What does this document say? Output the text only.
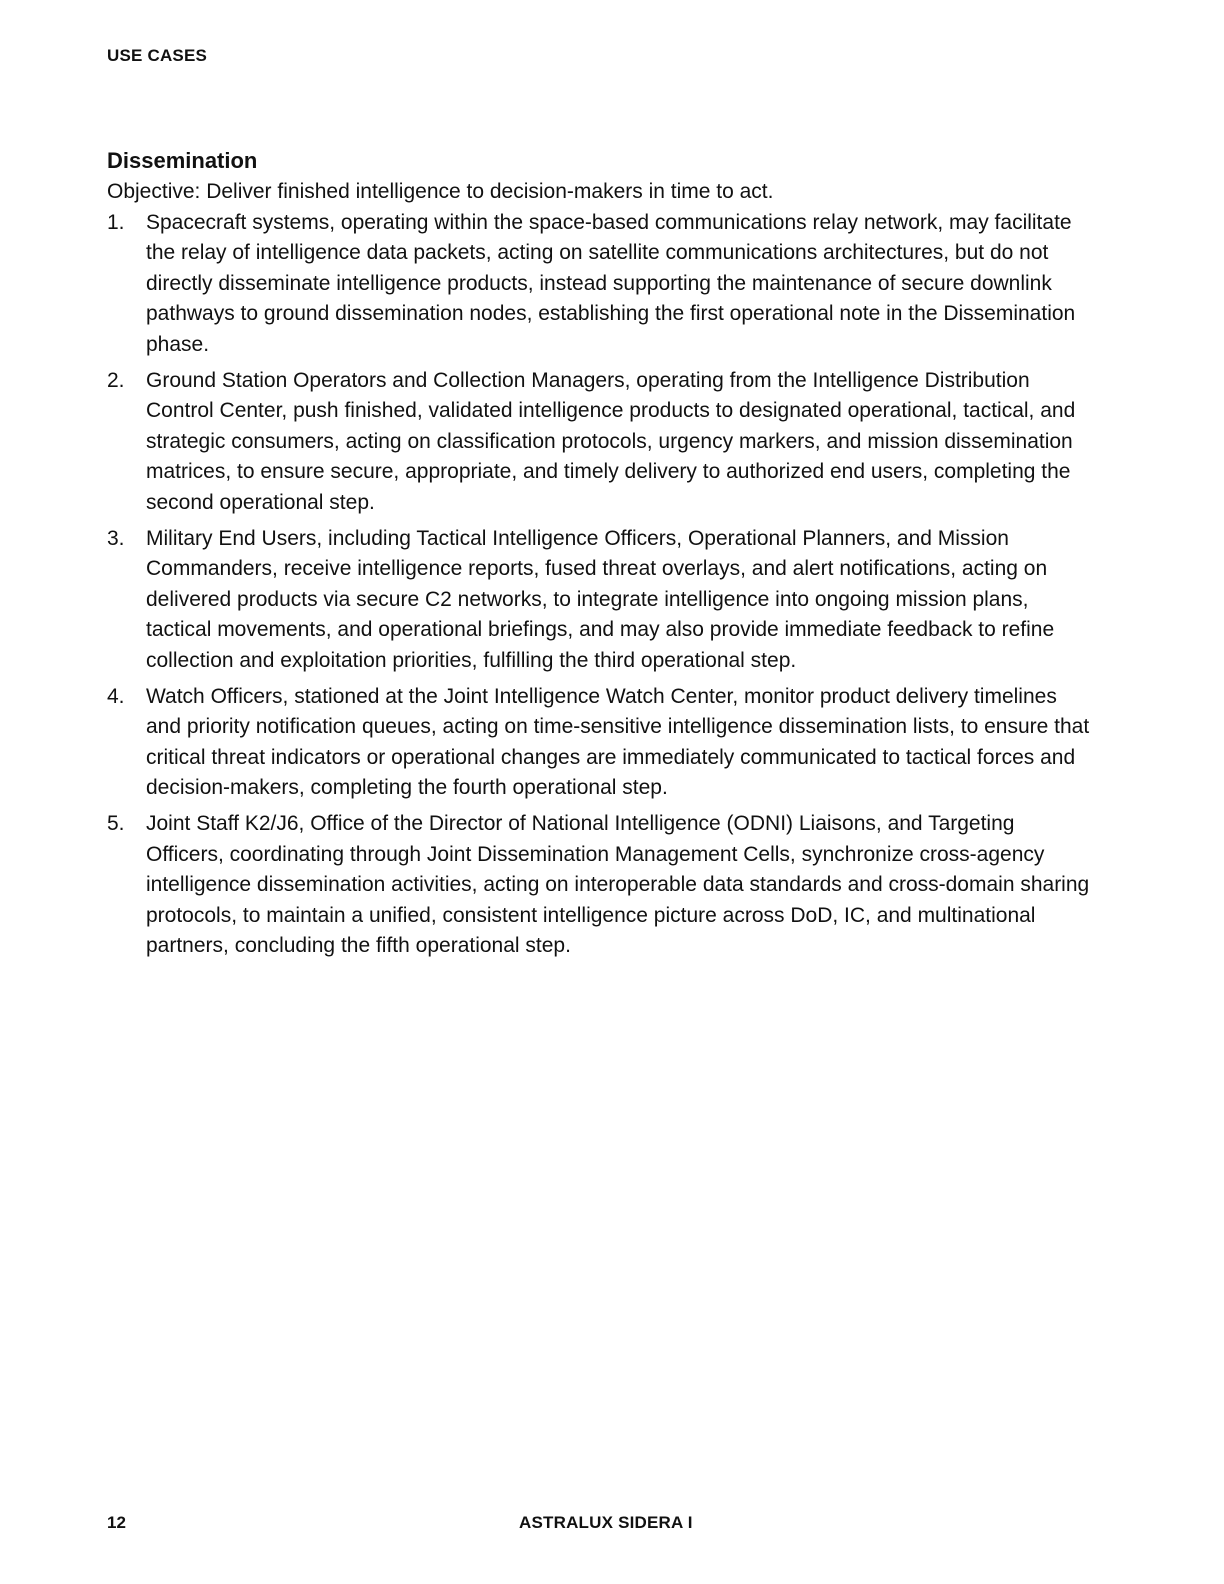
USE CASES
Dissemination

Objective: Deliver finished intelligence to decision-makers in time to act.

1. Spacecraft systems, operating within the space-based communications relay network, may facilitate the relay of intelligence data packets, acting on satellite communications architectures, but do not directly disseminate intelligence products, instead supporting the maintenance of secure downlink pathways to ground dissemination nodes, establishing the first operational note in the Dissemination phase.
2. Ground Station Operators and Collection Managers, operating from the Intelligence Distribution Control Center, push finished, validated intelligence products to designated operational, tactical, and strategic consumers, acting on classification protocols, urgency markers, and mission dissemination matrices, to ensure secure, appropriate, and timely delivery to authorized end users, completing the second operational step.
3. Military End Users, including Tactical Intelligence Officers, Operational Planners, and Mission Commanders, receive intelligence reports, fused threat overlays, and alert notifications, acting on delivered products via secure C2 networks, to integrate intelligence into ongoing mission plans, tactical movements, and operational briefings, and may also provide immediate feedback to refine collection and exploitation priorities, fulfilling the third operational step.
4. Watch Officers, stationed at the Joint Intelligence Watch Center, monitor product delivery timelines and priority notification queues, acting on time-sensitive intelligence dissemination lists, to ensure that critical threat indicators or operational changes are immediately communicated to tactical forces and decision-makers, completing the fourth operational step.
5. Joint Staff K2/J6, Office of the Director of National Intelligence (ODNI) Liaisons, and Targeting Officers, coordinating through Joint Dissemination Management Cells, synchronize cross-agency intelligence dissemination activities, acting on interoperable data standards and cross-domain sharing protocols, to maintain a unified, consistent intelligence picture across DoD, IC, and multinational partners, concluding the fifth operational step.
12	ASTRALUX SIDERA I
